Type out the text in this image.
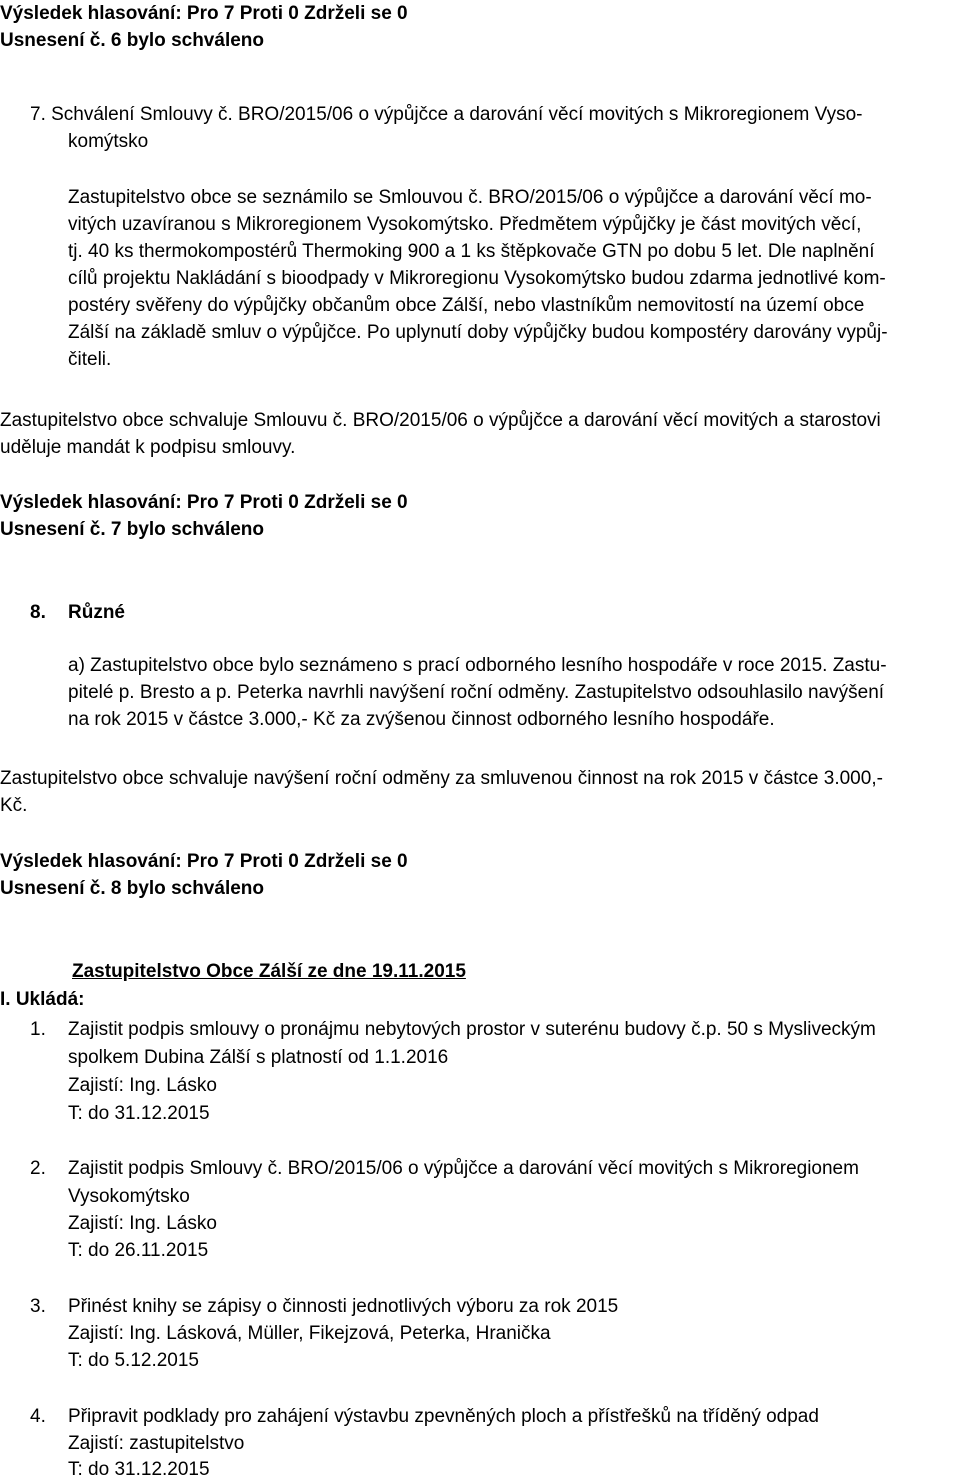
Výsledek hlasování: Pro 7 Proti 0 Zdrželi se 0
Usnesení č. 6 bylo schváleno
7. Schválení Smlouvy č. BRO/2015/06 o výpůjčce a darování věcí movitých s Mikroregionem Vyso-
komýtsko
Zastupitelstvo obce se seznámilo se Smlouvou č. BRO/2015/06 o výpůjčce a darování věcí mo-
vitých uzavíranou s Mikroregionem Vysokomýtsko. Předmětem výpůjčky je část movitých věcí,
tj. 40 ks thermokompostérů Thermoking 900 a 1 ks štěpkovače GTN po dobu 5 let. Dle naplnění
cílů projektu Nakládání s bioodpady v Mikroregionu Vysokomýtsko budou zdarma jednotlivé kom-
postéry svěřeny do výpůjčky občanům obce Zálší, nebo vlastníkům nemovitostí na území obce
Zálší na základě smluv o výpůjčce. Po uplynutí doby výpůjčky budou kompostéry darovány vypůj-
čiteli.
Zastupitelstvo obce schvaluje Smlouvu č. BRO/2015/06 o výpůjčce a darování věcí movitých a starostovi
uděluje mandát k podpisu smlouvy.
Výsledek hlasování: Pro 7 Proti 0 Zdrželi se 0
Usnesení č. 7 bylo schváleno
8. Různé
a) Zastupitelstvo obce bylo seznámeno s prací odborného lesního hospodáře v roce 2015. Zastu-
pitelé p. Bresto a p. Peterka navrhli navýšení roční odměny. Zastupitelstvo odsouhlasilo navýšení
na rok 2015 v částce 3.000,- Kč za zvýšenou činnost odborného lesního hospodáře.
Zastupitelstvo obce schvaluje navýšení roční odměny za smluvenou činnost na rok 2015 v částce 3.000,-
Kč.
Výsledek hlasování: Pro 7 Proti 0 Zdrželi se 0
Usnesení č. 8 bylo schváleno
Zastupitelstvo Obce Zálší ze dne 19.11.2015
I. Ukládá:
1. Zajistit podpis smlouvy o pronájmu nebytových prostor v suterénu budovy č.p. 50 s Mysliveckým
spolkem Dubina Zálší s platností od 1.1.2016
Zajistí: Ing. Lásko
T: do 31.12.2015
2. Zajistit podpis Smlouvy č. BRO/2015/06 o výpůjčce a darování věcí movitých s Mikroregionem
Vysokomýtsko
Zajistí: Ing. Lásko
T: do 26.11.2015
3. Přinést knihy se zápisy o činnosti jednotlivých výboru za rok 2015
Zajistí: Ing. Lásková, Müller, Fikejzová, Peterka, Hranička
T: do 5.12.2015
4. Připravit podklady pro zahájení výstavbu zpevněných ploch a přístřešků na tříděný odpad
Zajistí: zastupitelstvo
T: do 31.12.2015
